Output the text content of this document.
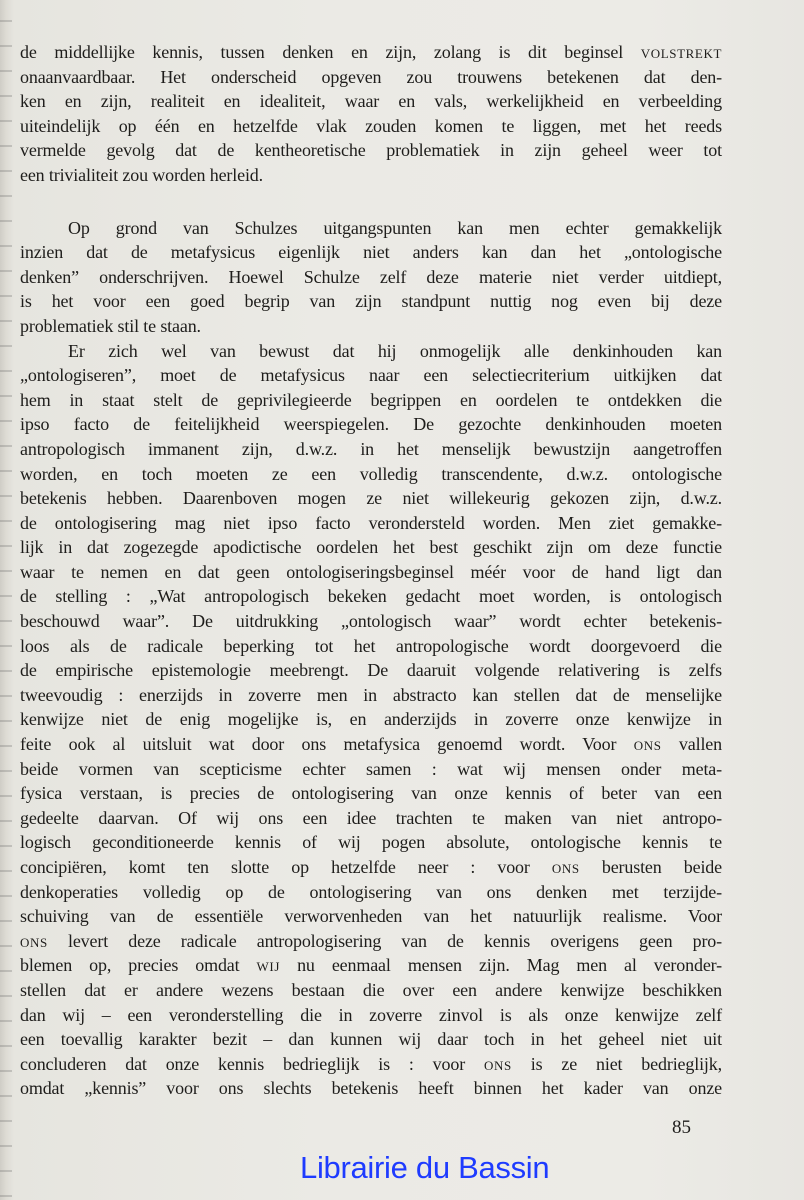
de middellijke kennis, tussen denken en zijn, zolang is dit beginsel volstrekt
onaanvaardbaar. Het onderscheid opgeven zou trouwens betekenen dat den-
ken en zijn, realiteit en idealiteit, waar en vals, werkelijkheid en verbeelding
uiteindelijk op één en hetzelfde vlak zouden komen te liggen, met het reeds
vermelde gevolg dat de kentheoretische problematiek in zijn geheel weer tot
een trivialiteit zou worden herleid.
Op grond van Schulzes uitgangspunten kan men echter gemakkelijk
inzien dat de metafysicus eigenlijk niet anders kan dan het „ontologische
denken” onderschrijven. Hoewel Schulze zelf deze materie niet verder uitdiept,
is het voor een goed begrip van zijn standpunt nuttig nog even bij deze
problematiek stil te staan.
Er zich wel van bewust dat hij onmogelijk alle denkinhouden kan
„ontologiseren”, moet de metafysicus naar een selectiecriterium uitkijken dat
hem in staat stelt de geprivilegieerde begrippen en oordelen te ontdekken die
ipso facto de feitelijkheid weerspiegelen. De gezochte denkinhouden moeten
antropologisch immanent zijn, d.w.z. in het menselijk bewustzijn aangetroffen
worden, en toch moeten ze een volledig transcendente, d.w.z. ontologische
betekenis hebben. Daarenboven mogen ze niet willekeurig gekozen zijn, d.w.z.
de ontologisering mag niet ipso facto verondersteld worden. Men ziet gemakke-
lijk in dat zogezegde apodictische oordelen het best geschikt zijn om deze functie
waar te nemen en dat geen ontologiseringsbeginsel méér voor de hand ligt dan
de stelling : „Wat antropologisch bekeken gedacht moet worden, is ontologisch
beschouwd waar”. De uitdrukking „ontologisch waar” wordt echter betekenis-
loos als de radicale beperking tot het antropologische wordt doorgevoerd die
de empirische epistemologie meebrengt. De daaruit volgende relativering is zelfs
tweevoudig : enerzijds in zoverre men in abstracto kan stellen dat de menselijke
kenwijze niet de enig mogelijke is, en anderzijds in zoverre onze kenwijze in
feite ook al uitsluit wat door ons metafysica genoemd wordt. Voor ons vallen
beide vormen van scepticisme echter samen : wat wij mensen onder meta-
fysica verstaan, is precies de ontologisering van onze kennis of beter van een
gedeelte daarvan. Of wij ons een idee trachten te maken van niet antropo-
logisch geconditioneerde kennis of wij pogen absolute, ontologische kennis te
concipiëren, komt ten slotte op hetzelfde neer : voor ons berusten beide
denkoperaties volledig op de ontologisering van ons denken met terzijde-
schuiving van de essentiële verworvenheden van het natuurlijk realisme. Voor
ons levert deze radicale antropologisering van de kennis overigens geen pro-
blemen op, precies omdat wij nu eenmaal mensen zijn. Mag men al veronder-
stellen dat er andere wezens bestaan die over een andere kenwijze beschikken
dan wij – een veronderstelling die in zoverre zinvol is als onze kenwijze zelf
een toevallig karakter bezit – dan kunnen wij daar toch in het geheel niet uit
concluderen dat onze kennis bedrieglijk is : voor ons is ze niet bedrieglijk,
omdat „kennis” voor ons slechts betekenis heeft binnen het kader van onze
85
Librairie du Bassin
